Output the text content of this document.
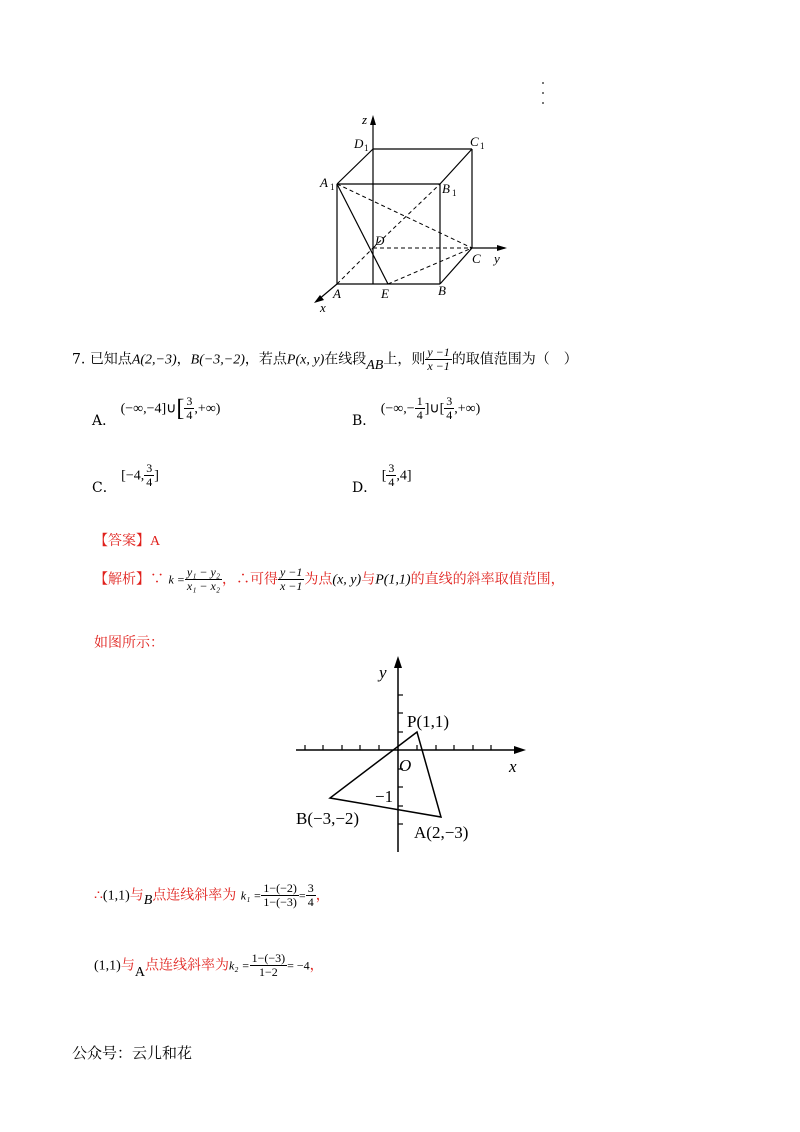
z
y
x
D 1	C 1
A 1	B 1
D
C
A	E	B
7. 已知点A(2,−3)，B(−3,−2)，若点P(x, y)在线段AB上，则 $\frac{y -1}{x -1}$ 的取值范围为（　）
A． (−∞,−4]∪[ $\frac{3}{4}$ ,+∞)
B． (−∞,− $\frac{1}{4}$ ]∪[ $\frac{3}{4}$ ,+∞)
C． [−4, $\frac{3}{4}$ ]
D． [ $\frac{3}{4} ,4$]
【答案】A
【解析】∵ $k = \frac{\text{y₁ − y₂}}{\text{x₁ − x₂}}$ ，∴可得 $\frac{y -1}{x -1}$ 为点(x, y)与P(1,1)的直线的斜率取值范围，
如图所示：
y
x
O
P(1,1)
−1
B(−3,−2)
A(2,−3)
∴(1,1)与B点连线斜率为 $k_1 = \frac{1-(-2)}{1-(-3)} = \frac{3}{4}$ ，
(1,1)与A点连线斜率为$k_2 = \frac{1-(-3)}{1-2} = -4$，
公众号：云儿和花
